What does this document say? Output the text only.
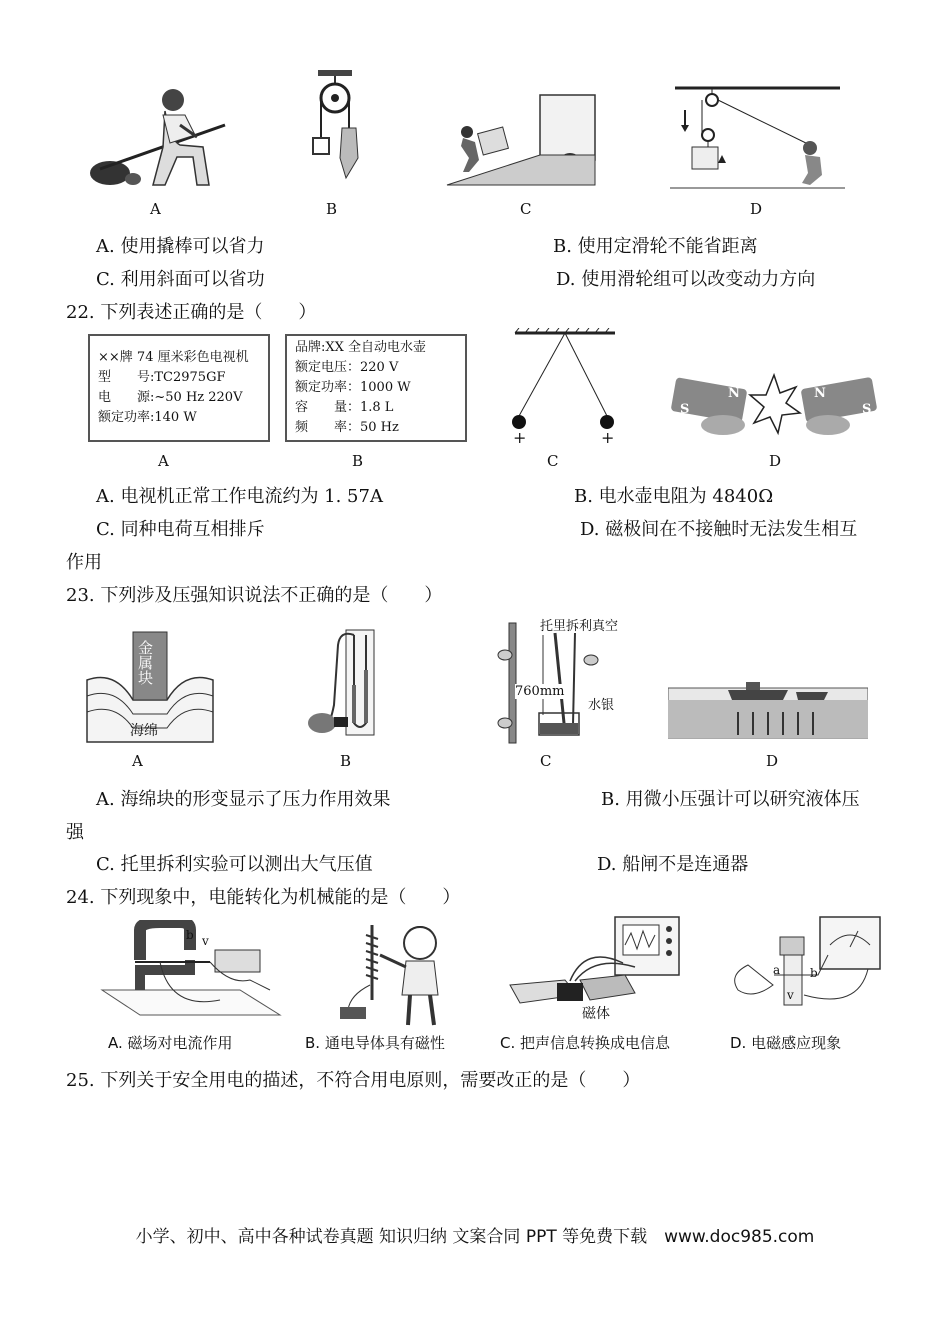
A	B	C	D
A. 使用撬棒可以省力	B. 使用定滑轮不能省距离
C. 利用斜面可以省功	D. 使用滑轮组可以改变动力方向
22. 下列表述正确的是（　　）
××牌 74 厘米彩色电视机
型　　号:TC2975GF
电　　源:~50 Hz 220V
额定功率:140 W
A
品牌:XX 全自动电水壶
额定电压：220 V
额定功率：1000 W
容　　量：1.8 L
频　　率：50 Hz
B
+	+
C
S
N	N
S
D
A. 电视机正常工作电流约为 1. 57A	B. 电水壶电阻为 4840Ω
C. 同种电荷互相排斥	D. 磁极间在不接触时无法发生相互
作用
23. 下列涉及压强知识说法不正确的是（　　）
金属块
海绵
A	B
托里拆利真空
760mm
水银
C	D
A. 海绵块的形变显示了压力作用效果	B. 用微小压强计可以研究液体压
强
C. 托里拆利实验可以测出大气压值	D. 船闸不是连通器
24. 下列现象中，电能转化为机械能的是（　　）
b v
A. 磁场对电流作用	B. 通电导体具有磁性
磁体
C. 把声信息转换成电信息
a b
v
D. 电磁感应现象
25. 下列关于安全用电的描述，不符合用电原则，需要改正的是（　　）
小学、初中、高中各种试卷真题 知识归纳 文案合同 PPT 等免费下载　www.doc985.com
